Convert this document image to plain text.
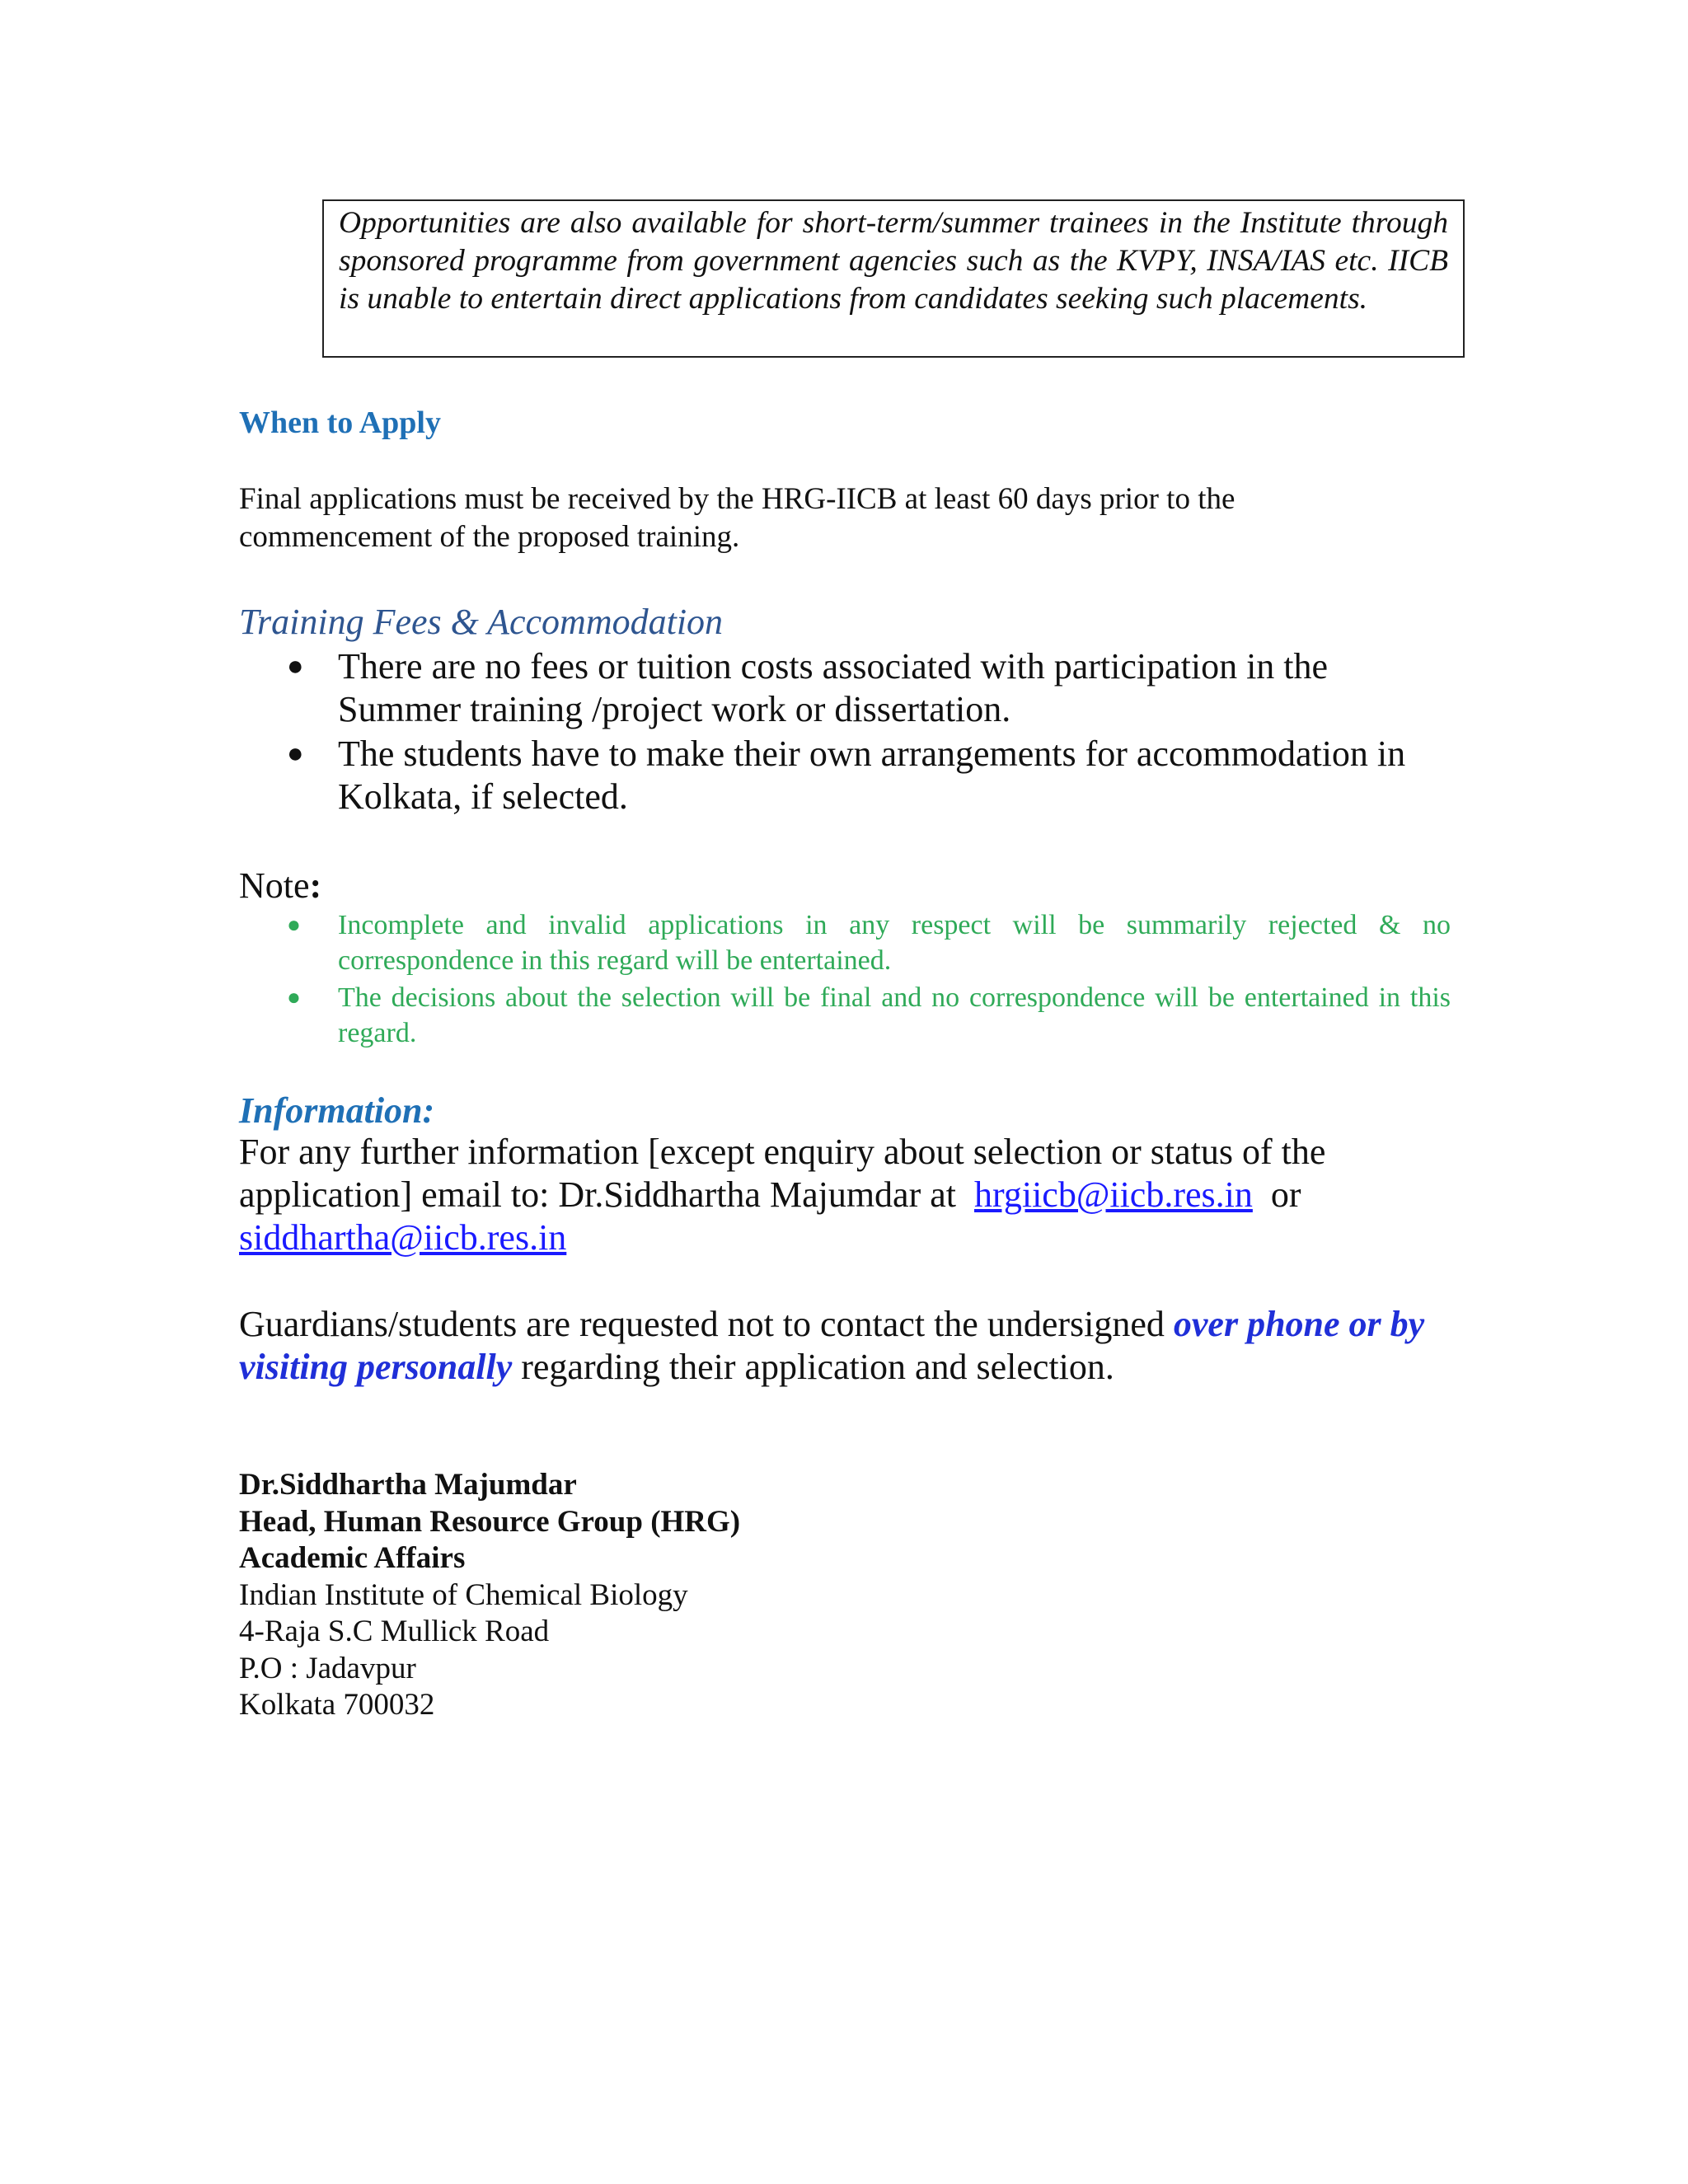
Opportunities are also available for short-term/summer trainees in the Institute through sponsored programme from government agencies such as the KVPY, INSA/IAS etc. IICB is unable to entertain direct applications from candidates seeking such placements.
When to Apply

Final applications must be received by the HRG-IICB at least 60 days prior to the commencement of the proposed training.

Training Fees & Accommodation
● There are no fees or tuition costs associated with participation in the Summer training /project work or dissertation.
● The students have to make their own arrangements for accommodation in Kolkata, if selected.

Note:

● Incomplete and invalid applications in any respect will be summarily rejected & no correspondence in this regard will be entertained.
● The decisions about the selection will be final and no correspondence will be entertained in this regard.
Information:

For any further information [except enquiry about selection or status of the application] email to: Dr.Siddhartha Majumdar at hrgiicb@iicb.res.in or
siddhartha@iicb.res.in

Guardians/students are requested not to contact the undersigned over phone or by visiting personally regarding their application and selection.

Dr.Siddhartha Majumdar
Head, Human Resource Group (HRG)
Academic Affairs
Indian Institute of Chemical Biology
4-Raja S.C Mullick Road
P.O : Jadavpur
Kolkata 700032
